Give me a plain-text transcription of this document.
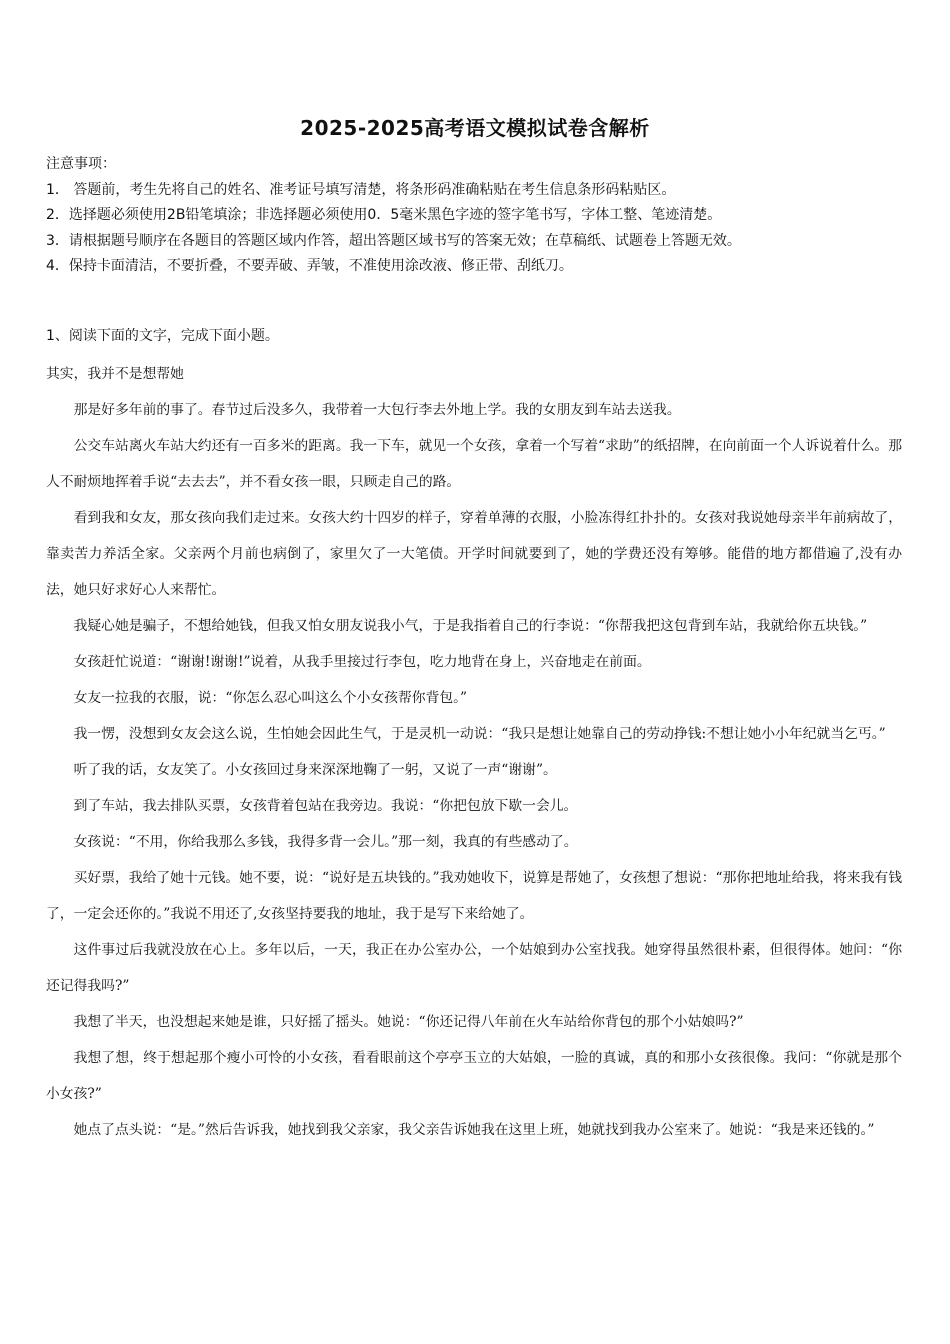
2025-2025高考语文模拟试卷含解析
注意事项：
1． 答题前，考生先将自己的姓名、准考证号填写清楚，将条形码准确粘贴在考生信息条形码粘贴区。
2．选择题必须使用2B铅笔填涂；非选择题必须使用0．5毫米黑色字迹的签字笔书写，字体工整、笔迹清楚。
3．请根据题号顺序在各题目的答题区域内作答，超出答题区域书写的答案无效；在草稿纸、试题卷上答题无效。
4．保持卡面清洁，不要折叠，不要弄破、弄皱，不准使用涂改液、修正带、刮纸刀。
1、阅读下面的文字，完成下面小题。
其实，我并不是想帮她

那是好多年前的事了。春节过后没多久，我带着一大包行李去外地上学。我的女朋友到车站去送我。

公交车站离火车站大约还有一百多米的距离。我一下车，就见一个女孩，拿着一个写着“求助”的纸招牌，在向前面一个人诉说着什么。那人不耐烦地挥着手说“去去去”，并不看女孩一眼，只顾走自己的路。

看到我和女友，那女孩向我们走过来。女孩大约十四岁的样子，穿着单薄的衣服，小脸冻得红扑扑的。女孩对我说她母亲半年前病故了，靠卖苦力养活全家。父亲两个月前也病倒了，家里欠了一大笔债。开学时间就要到了，她的学费还没有筹够。能借的地方都借遍了,没有办法，她只好求好心人来帮忙。

我疑心她是骗子，不想给她钱，但我又怕女朋友说我小气，于是我指着自己的行李说：“你帮我把这包背到车站，我就给你五块钱。”

女孩赶忙说道：“谢谢!谢谢!”说着，从我手里接过行李包，吃力地背在身上，兴奋地走在前面。

女友一拉我的衣服，说：“你怎么忍心叫这么个小女孩帮你背包。”

我一愣，没想到女友会这么说，生怕她会因此生气，于是灵机一动说：“我只是想让她靠自己的劳动挣钱:不想让她小小年纪就当乞丐。”

听了我的话，女友笑了。小女孩回过身来深深地鞠了一躬，又说了一声“谢谢”。

到了车站，我去排队买票，女孩背着包站在我旁边。我说：“你把包放下歇一会儿。

女孩说：“不用，你给我那么多钱，我得多背一会儿。”那一刻，我真的有些感动了。

买好票，我给了她十元钱。她不要，说：“说好是五块钱的。”我劝她收下，说算是帮她了，女孩想了想说：“那你把地址给我，将来我有钱了，一定会还你的。”我说不用还了,女孩坚持要我的地址，我于是写下来给她了。

这件事过后我就没放在心上。多年以后，一天，我正在办公室办公，一个姑娘到办公室找我。她穿得虽然很朴素，但很得体。她问：“你还记得我吗?”

我想了半天，也没想起来她是谁，只好摇了摇头。她说：“你还记得八年前在火车站给你背包的那个小姑娘吗?”

我想了想，终于想起那个瘦小可怜的小女孩，看看眼前这个亭亭玉立的大姑娘，一脸的真诚，真的和那小女孩很像。我问：“你就是那个小女孩?”

她点了点头说：“是。”然后告诉我，她找到我父亲家，我父亲告诉她我在这里上班，她就找到我办公室来了。她说：“我是来还钱的。”
